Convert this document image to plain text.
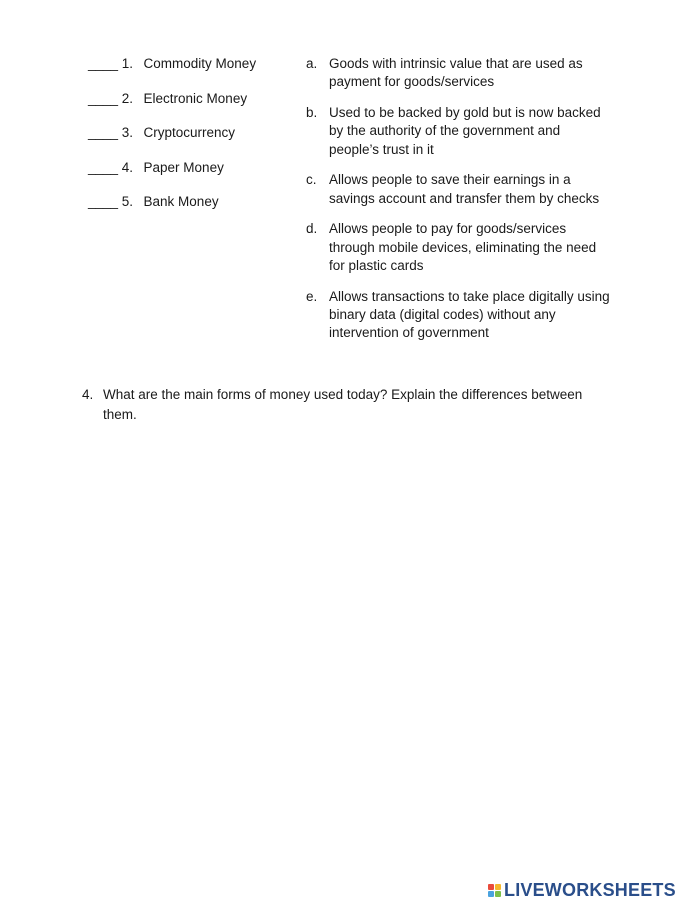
____ 1. Commodity Money
____ 2. Electronic Money
____ 3. Cryptocurrency
____ 4. Paper Money
____ 5. Bank Money
a. Goods with intrinsic value that are used as payment for goods/services
b. Used to be backed by gold but is now backed by the authority of the government and people’s trust in it
c. Allows people to save their earnings in a savings account and transfer them by checks
d. Allows people to pay for goods/services through mobile devices, eliminating the need for plastic cards
e. Allows transactions to take place digitally using binary data (digital codes) without any intervention of government
4. What are the main forms of money used today? Explain the differences between them.
LIVEWORKSHEETS
